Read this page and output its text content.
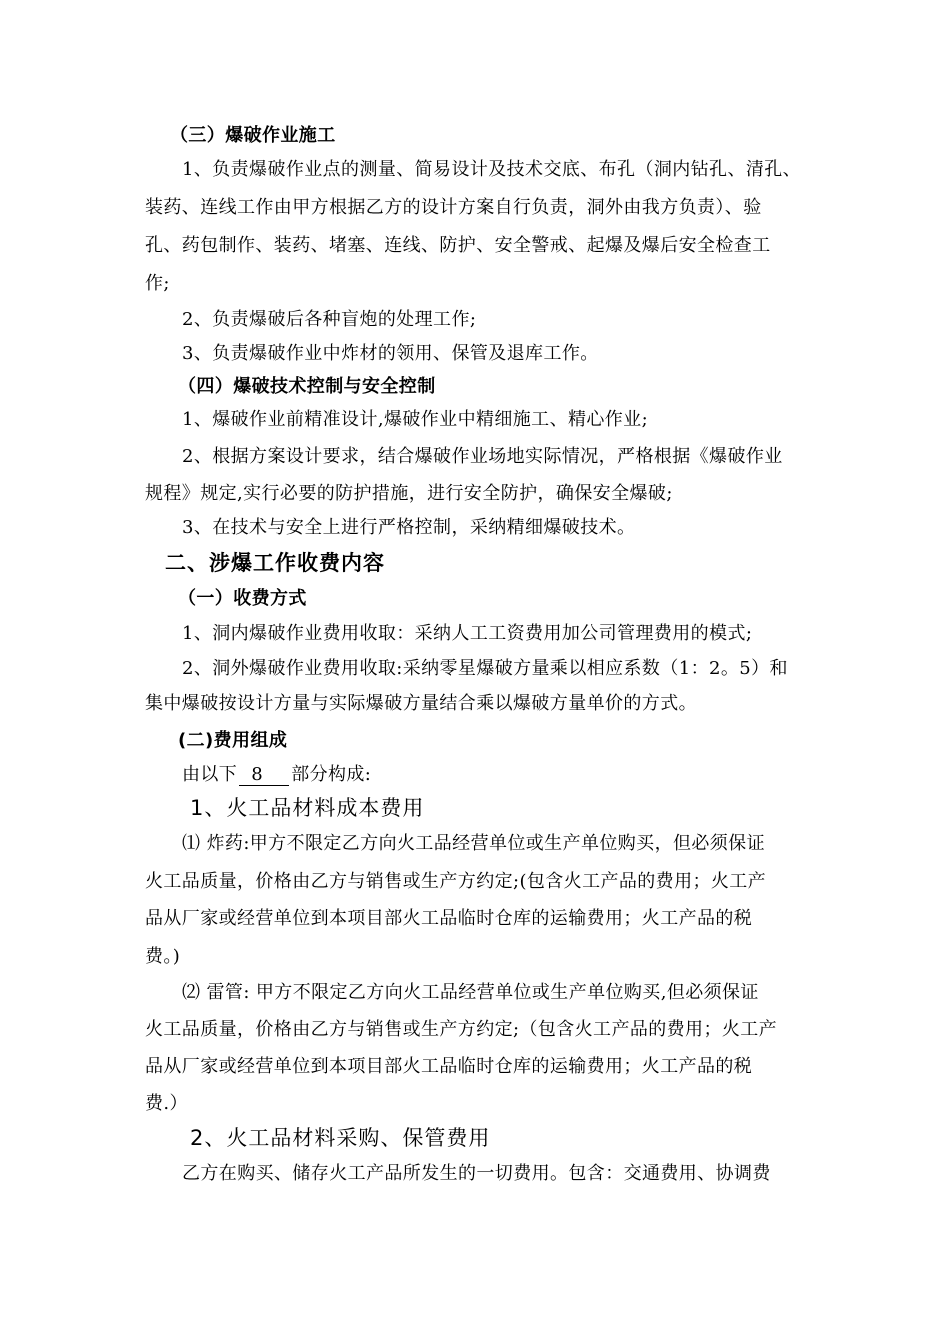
（三）爆破作业施工
1、负责爆破作业点的测量、简易设计及技术交底、布孔（洞内钻孔、清孔、
装药、连线工作由甲方根据乙方的设计方案自行负责，洞外由我方负责）、验
孔、药包制作、装药、堵塞、连线、防护、安全警戒、起爆及爆后安全检查工
作;
2、负责爆破后各种盲炮的处理工作;
3、负责爆破作业中炸材的领用、保管及退库工作。
（四）爆破技术控制与安全控制
1、爆破作业前精准设计,爆破作业中精细施工、精心作业;
2、根据方案设计要求，结合爆破作业场地实际情况，严格根据《爆破作业
规程》规定,实行必要的防护措施，进行安全防护，确保安全爆破;
3、在技术与安全上进行严格控制，采纳精细爆破技术。
二、涉爆工作收费内容
（一）收费方式
1、洞内爆破作业费用收取：采纳人工工资费用加公司管理费用的模式;
2、洞外爆破作业费用收取:采纳零星爆破方量乘以相应系数（1：2。5）和
集中爆破按设计方量与实际爆破方量结合乘以爆破方量单价的方式。
(二)费用组成
由以下 8 部分构成:
1、火工品材料成本费用
⑴ 炸药:甲方不限定乙方向火工品经营单位或生产单位购买，但必须保证
火工品质量，价格由乙方与销售或生产方约定;(包含火工产品的费用；火工产
品从厂家或经营单位到本项目部火工品临时仓库的运输费用；火工产品的税
费。)
⑵ 雷管: 甲方不限定乙方向火工品经营单位或生产单位购买,但必须保证
火工品质量，价格由乙方与销售或生产方约定;（包含火工产品的费用；火工产
品从厂家或经营单位到本项目部火工品临时仓库的运输费用；火工产品的税
费.）
2、火工品材料采购、保管费用
乙方在购买、储存火工产品所发生的一切费用。包含：交通费用、协调费
